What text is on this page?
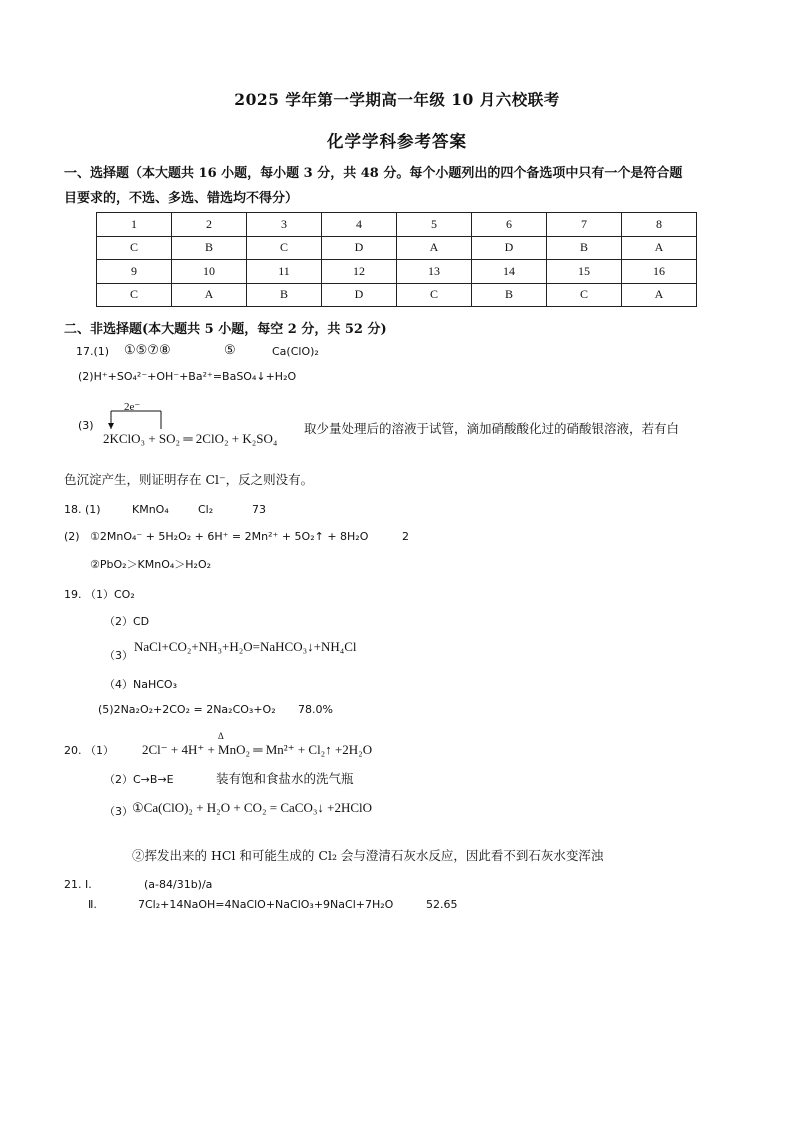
2025 学年第一学期高一年级 10 月六校联考
化学学科参考答案
一、选择题（本大题共 16 小题，每小题 3 分，共 48 分。每个小题列出的四个备选项中只有一个是符合题
目要求的，不选、多选、错选均不得分）
1	2	3	4	5	6	7	8
C	B	C	D	A	D	B	A
9	10	11	12	13	14	15	16
C	A	B	D	C	B	C	A
二、非选择题(本大题共 5 小题，每空 2 分，共 52 分)
17.(1) ①⑤⑦⑧	⑤	Ca(ClO)₂
(2)H⁺+SO₄²⁻+OH⁻+Ba²⁺=BaSO₄↓+H₂O
(3)
2e⁻
2KClO₃ + SO₂ ═ 2ClO₂ + K₂SO₄
取少量处理后的溶液于试管，滴加硝酸酸化过的硝酸银溶液，若有白
色沉淀产生，则证明存在 Cl⁻，反之则没有。
18. (1)	KMnO₄	Cl₂	73
(2) ①2MnO₄⁻ + 5H₂O₂ + 6H⁺ = 2Mn²⁺ + 5O₂↑ + 8H₂O	2
②PbO₂＞KMnO₄＞H₂O₂
19. （1）CO₂
（2）CD
（3）
NaCl+CO₂+NH₃+H₂O=NaHCO₃↓+NH₄Cl
（4）NaHCO₃
(5)2Na₂O₂+2CO₂ = 2Na₂CO₃+O₂ 78.0%
20. （1）
Δ
2Cl⁻ + 4H⁺ + MnO₂ ═ Mn²⁺ + Cl₂↑ +2H₂O
（2）C→B→E	装有饱和食盐水的洗气瓶
（3） ①Ca(ClO)₂ + H₂O + CO₂ = CaCO₃↓ +2HClO
②挥发出来的 HCl 和可能生成的 Cl₂ 会与澄清石灰水反应，因此看不到石灰水变浑浊
21. Ⅰ.	(a-84/31b)/a
Ⅱ.	7Cl₂+14NaOH=4NaClO+NaClO₃+9NaCl+7H₂O	52.65
